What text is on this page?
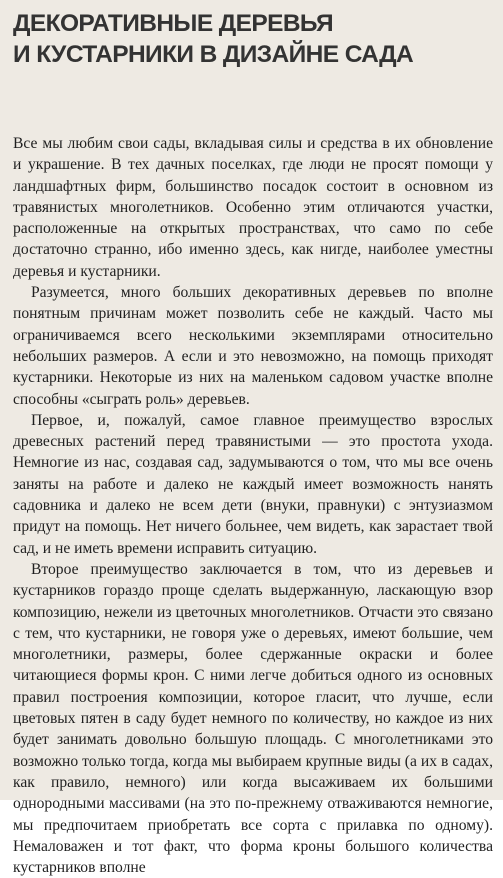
ДЕКОРАТИВНЫЕ ДЕРЕВЬЯ
И КУСТАРНИКИ В ДИЗАЙНЕ САДА

Все мы любим свои сады, вкладывая силы и средства в их обновление и украшение. В тех дачных поселках, где люди не просят помощи у ландшафтных фирм, большинство посадок состоит в основном из травянистых многолетников. Особенно этим отличаются участки, расположенные на открытых пространствах, что само по себе достаточно странно, ибо именно здесь, как нигде, наиболее уместны деревья и кустарники.

Разумеется, много больших декоративных деревьев по вполне понятным причинам может позволить себе не каждый. Часто мы ограничиваемся всего несколькими экземплярами относительно небольших размеров. А если и это невозможно, на помощь приходят кустарники. Некоторые из них на маленьком садовом участке вполне способны «сыграть роль» деревьев.

Первое, и, пожалуй, самое главное преимущество взрослых древесных растений перед травянистыми — это простота ухода. Немногие из нас, создавая сад, задумываются о том, что мы все очень заняты на работе и далеко не каждый имеет возможность нанять садовника и далеко не всем дети (внуки, правнуки) с энтузиазмом придут на помощь. Нет ничего больнее, чем видеть, как зарастает твой сад, и не иметь времени исправить ситуацию.

Второе преимущество заключается в том, что из деревьев и кустарников гораздо проще сделать выдержанную, ласкающую взор композицию, нежели из цветочных многолетников. Отчасти это связано с тем, что кустарники, не говоря уже о деревьях, имеют большие, чем многолетники, размеры, более сдержанные окраски и более читающиеся формы крон. С ними легче добиться одного из основных правил построения композиции, которое гласит, что лучше, если цветовых пятен в саду будет немного по количеству, но каждое из них будет занимать довольно большую площадь. С многолетниками это возможно только тогда, когда мы выбираем крупные виды (а их в садах, как правило, немного) или когда высаживаем их большими однородными массивами (на это по-прежнему отваживаются немногие, мы предпочитаем приобретать все сорта с прилавка по одному). Немаловажен и тот факт, что форма кроны большого количества кустарников вполне
